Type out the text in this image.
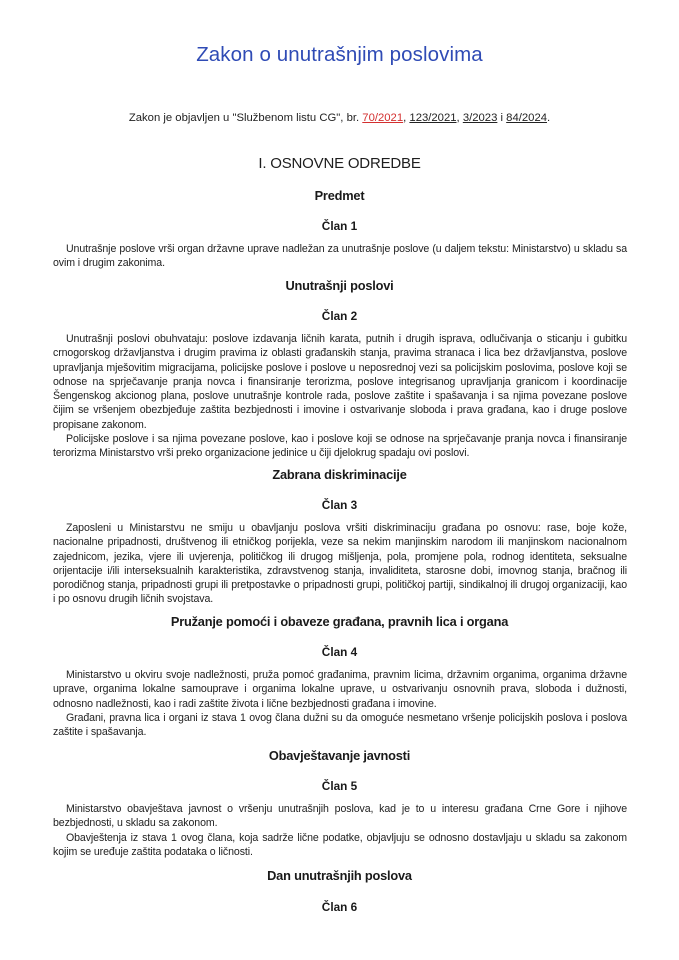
Zakon o unutrašnjim poslovima
Zakon je objavljen u "Službenom listu CG", br. 70/2021, 123/2021, 3/2023 i 84/2024.
I. OSNOVNE ODREDBE
Predmet
Član 1
Unutrašnje poslove vrši organ državne uprave nadležan za unutrašnje poslove (u daljem tekstu: Ministarstvo) u skladu sa ovim i drugim zakonima.
Unutrašnji poslovi
Član 2
Unutrašnji poslovi obuhvataju: poslove izdavanja ličnih karata, putnih i drugih isprava, odlučivanja o sticanju i gubitku crnogorskog državljanstva i drugim pravima iz oblasti građanskih stanja, pravima stranaca i lica bez državljanstva, poslove upravljanja mješovitim migracijama, policijske poslove i poslove u neposrednoj vezi sa policijskim poslovima, poslove koji se odnose na sprječavanje pranja novca i finansiranje terorizma, poslove integrisanog upravljanja granicom i koordinacije Šengenskog akcionog plana, poslove unutrašnje kontrole rada, poslove zaštite i spašavanja i sa njima povezane poslove čijim se vršenjem obezbjeđuje zaštita bezbjednosti i imovine i ostvarivanje sloboda i prava građana, kao i druge poslove propisane zakonom.
Policijske poslove i sa njima povezane poslove, kao i poslove koji se odnose na sprječavanje pranja novca i finansiranje terorizma Ministarstvo vrši preko organizacione jedinice u čiji djelokrug spadaju ovi poslovi.
Zabrana diskriminacije
Član 3
Zaposleni u Ministarstvu ne smiju u obavljanju poslova vršiti diskriminaciju građana po osnovu: rase, boje kože, nacionalne pripadnosti, društvenog ili etničkog porijekla, veze sa nekim manjinskim narodom ili manjinskom nacionalnom zajednicom, jezika, vjere ili uvjerenja, političkog ili drugog mišljenja, pola, promjene pola, rodnog identiteta, seksualne orijentacije i/ili interseksualnih karakteristika, zdravstvenog stanja, invaliditeta, starosne dobi, imovnog stanja, bračnog ili porodičnog stanja, pripadnosti grupi ili pretpostavke o pripadnosti grupi, političkoj partiji, sindikalnoj ili drugoj organizaciji, kao i po osnovu drugih ličnih svojstava.
Pružanje pomoći i obaveze građana, pravnih lica i organa
Član 4
Ministarstvo u okviru svoje nadležnosti, pruža pomoć građanima, pravnim licima, državnim organima, organima državne uprave, organima lokalne samouprave i organima lokalne uprave, u ostvarivanju osnovnih prava, sloboda i dužnosti, odnosno nadležnosti, kao i radi zaštite života i lične bezbjednosti građana i imovine.
Građani, pravna lica i organi iz stava 1 ovog člana dužni su da omoguće nesmetano vršenje policijskih poslova i poslova zaštite i spašavanja.
Obavještavanje javnosti
Član 5
Ministarstvo obavještava javnost o vršenju unutrašnjih poslova, kad je to u interesu građana Crne Gore i njihove bezbjednosti, u skladu sa zakonom.
Obavještenja iz stava 1 ovog člana, koja sadrže lične podatke, objavljuju se odnosno dostavljaju u skladu sa zakonom kojim se uređuje zaštita podataka o ličnosti.
Dan unutrašnjih poslova
Član 6
